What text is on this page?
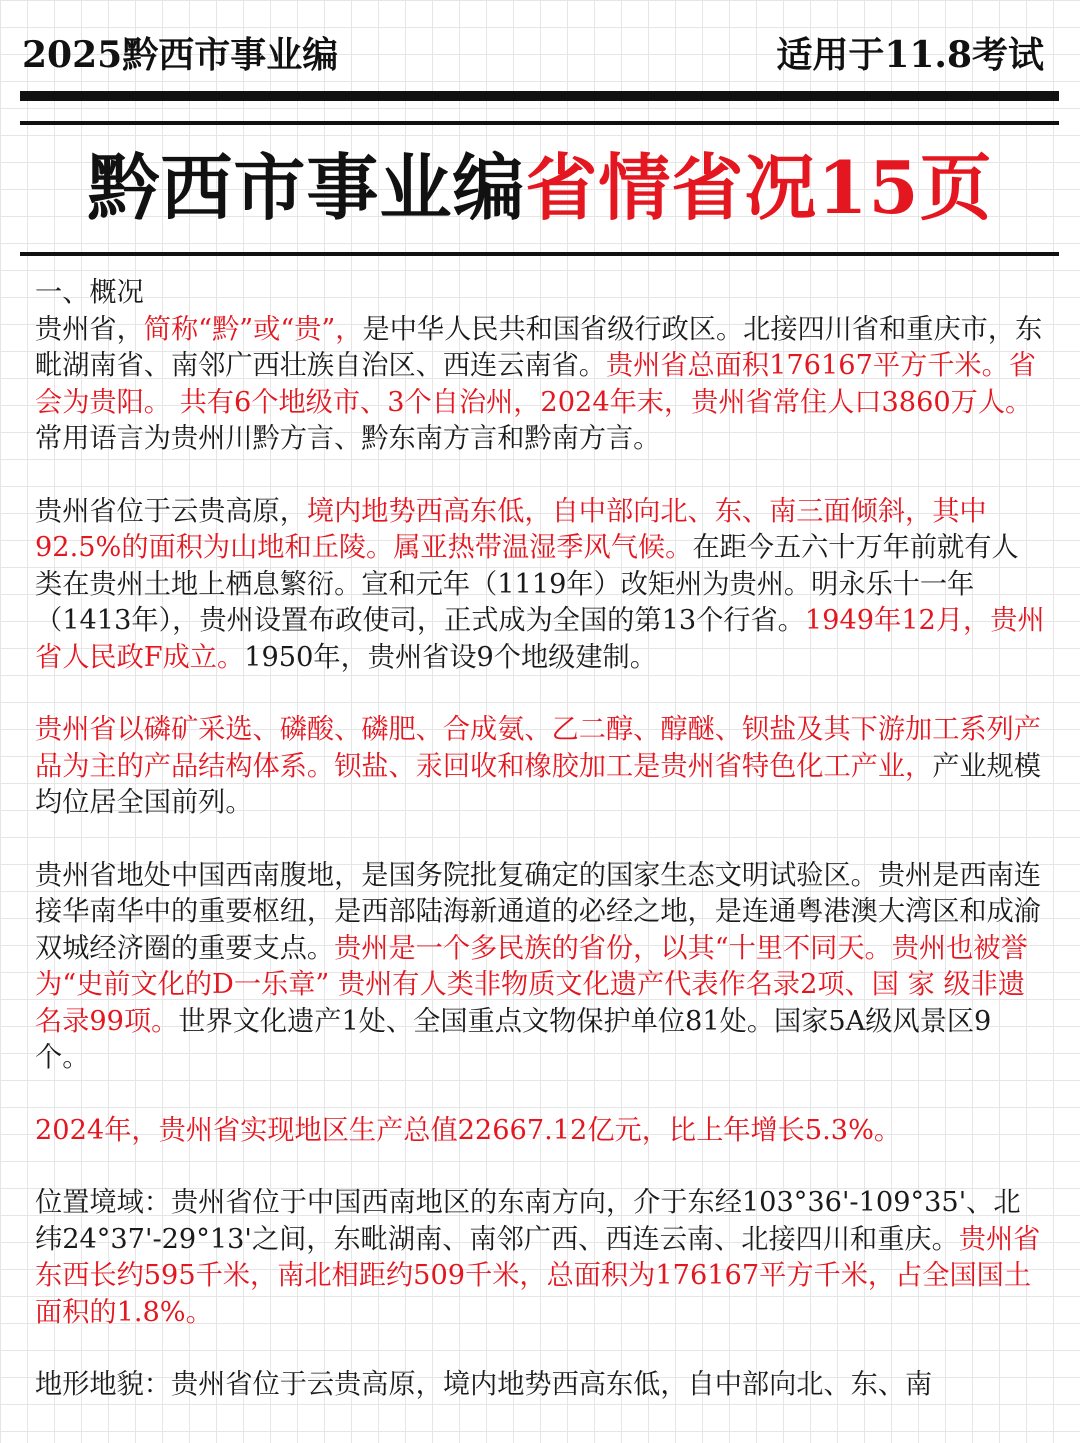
2025黔西市事业编	适用于11.8考试
黔西市事业编省情省况15页

一、概况

贵州省，简称“黔”或“贵”，是中华人民共和国省级行政区。北接四川省和重庆市，东毗湖南省、南邻广西壮族自治区、西连云南省。贵州省总面积176167平方千米。省会为贵阳。 共有6个地级市、3个自治州，2024年末，贵州省常住人口3860万人。常用语言为贵州川黔方言、黔东南方言和黔南方言。

贵州省位于云贵高原，境内地势西高东低，自中部向北、东、南三面倾斜，其中92.5%的面积为山地和丘陵。属亚热带温湿季风气候。在距今五六十万年前就有人类在贵州土地上栖息繁衍。宣和元年（1119年）改矩州为贵州。明永乐十一年（1413年），贵州设置布政使司，正式成为全国的第13个行省。1949年12月，贵州省人民政F成立。1950年，贵州省设9个地级建制。

贵州省以磷矿采选、磷酸、磷肥、合成氨、乙二醇、醇醚、钡盐及其下游加工系列产品为主的产品结构体系。钡盐、汞回收和橡胶加工是贵州省特色化工产业，产业规模均位居全国前列。

贵州省地处中国西南腹地，是国务院批复确定的国家生态文明试验区。贵州是西南连接华南华中的重要枢纽，是西部陆海新通道的必经之地，是连通粤港澳大湾区和成渝双城经济圈的重要支点。贵州是一个多民族的省份，以其“十里不同天。贵州也被誉为“史前文化的D一乐章” 贵州有人类非物质文化遗产代表作名录2项、国 家 级非遗名录99项。世界文化遗产1处、全国重点文物保护单位81处。国家5A级风景区9个。

2024年，贵州省实现地区生产总值22667.12亿元，比上年增长5.3%。

位置境域：贵州省位于中国西南地区的东南方向，介于东经103°36'-109°35'、北纬24°37'-29°13'之间，东毗湖南、南邻广西、西连云南、北接四川和重庆。贵州省东西长约595千米，南北相距约509千米，总面积为176167平方千米，占全国国土面积的1.8%。

地形地貌：贵州省位于云贵高原，境内地势西高东低，自中部向北、东、南
